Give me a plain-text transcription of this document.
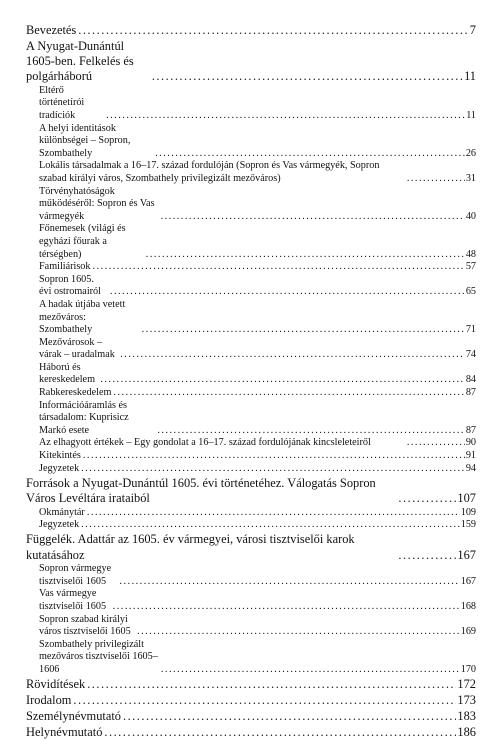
Bevezetés .....	7
A Nyugat-Dunántúl 1605-ben. Felkelés és polgárháború .....	11
Eltérő történetírói tradíciók .....	11
A helyi identitások különbségei – Sopron, Szombathely .....	26
Lokális társadalmak a 16–17. század fordulóján (Sopron és Vas vármegyék, Sopron szabad királyi város, Szombathely privilegizált mezőváros) .....	31
Törvényhatóságok működéséről: Sopron és Vas vármegyék .....	40
Főnemesek (világi és egyházi főurak a térségben) .....	48
Familiárisok .....	57
Sopron 1605. évi ostromairól .....	65
A hadak útjába vetett mezőváros: Szombathely .....	71
Mezővárosok – várak – uradalmak .....	74
Háború és kereskedelem .....	84
Rabkereskedelem .....	87
Információáramlás és társadalom: Kuprisicz Markó esete .....	87
Az elhagyott értékek – Egy gondolat a 16–17. század fordulójának kincsleleteiről .....	90
Kitekintés .....	91
Jegyzetek .....	94
Források a Nyugat-Dunántúl 1605. évi történetéhez. Válogatás Sopron Város Levéltára irataiból .....	107
Okmánytár .....	109
Jegyzetek .....	159
Függelék. Adattár az 1605. év vármegyei, városi tisztviselői karok kutatásához .....	167
Sopron vármegye tisztviselői 1605 .....	167
Vas vármegye tisztviselői 1605 .....	168
Sopron szabad királyi város tisztviselői 1605 .....	169
Szombathely privilegizált mezőváros tisztviselői 1605–1606 .....	170
Rövidítések .....	172
Irodalom .....	173
Személynévmutató .....	183
Helynévmutató .....	186
